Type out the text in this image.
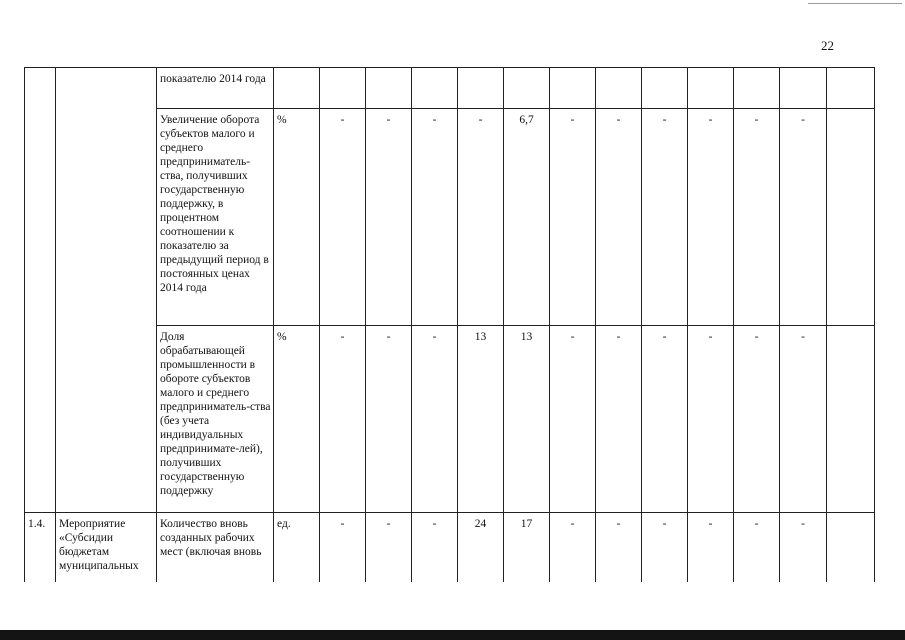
22
		показателю 2014 года													
		Увеличение оборота субъектов малого и среднего предприниматель-ства, получивших государственную поддержку, в процентном соотношении к показателю за предыдущий период в постоянных ценах 2014 года	%	-	-	-	-	6,7	-	-	-	-	-	-	
		Доля обрабатывающей промышленности в обороте субъектов малого и среднего предприниматель-ства (без учета индивидуальных предпринимате-лей), получивших государственную поддержку	%	-	-	-	13	13	-	-	-	-	-	-	
1.4.	Мероприятие «Субсидии бюджетам муниципальных	Количество вновь созданных рабочих мест (включая вновь	ед.	-	-	-	24	17	-	-	-	-	-	-	
